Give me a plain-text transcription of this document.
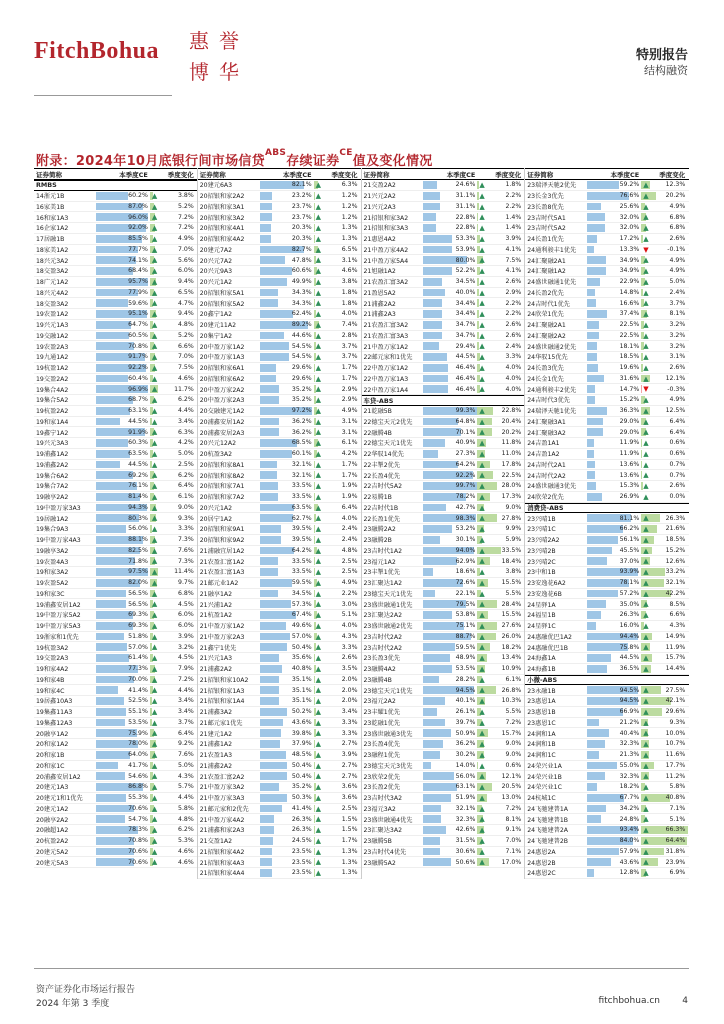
FitchBohua 惠 誉
博 华
特别报告
结构融资
附录：2024年10月底银行间市场信贷$^{ABS}$存续证券$^{CE}$值及变化情况
证券简称	本季度CE	季度变化
RMBS
14浙元1B	60.2% ▲	3.8%
16家美1B	87.0% ▲	5.2%
16和家1A3	96.0% ▲	7.2%
16企家1A2	92.0% ▲	7.2%
17居融1B	85.5% ▲	4.9%
18家美1A2	77.7% ▲	7.0%
18兴元3A2	74.1% ▲	5.6%
18交盈3A2	68.4% ▲	6.0%
18广元1A2	95.7% ▲	9.4%
18兴元4A2	77.9% ▲	6.5%
18交盈3A2	59.6% ▲	4.7%
19农盈1A2	95.1% ▲	9.4%
19兴元1A3	64.7% ▲	4.8%
19交融1A2	60.5% ▲	5.2%
19农盈2A3	70.8% ▲	6.6%
19九通1A2	91.7% ▲	7.0%
19杭盈1A2	92.2% ▲	7.5%
19交盈2A2	60.4% ▲	4.6%
19集合4A2	96.9% ▲	11.7%
19集合5A2	68.7% ▲	6.2%
19杭盈2A2	63.1% ▲	4.4%
19和家1A4	44.5% ▲	3.4%
19鑫宁1A2	91.9% ▲	6.3%
19兴元3A3	60.3% ▲	4.2%
19浦鑫1A2	63.5% ▲	5.0%
19浦鑫2A2	44.5% ▲	2.5%
19集合6A2	69.2% ▲	6.2%
19集合7A2	76.1% ▲	6.4%
19融享2A2	81.4% ▲	6.1%
19中盈万家3A3	94.3% ▲	9.0%
19居融1A2	80.3% ▲	9.3%
19集合9A3	56.0% ▲	3.3%
19中盈万家4A3	88.1% ▲	7.3%
19融享3A2	82.5% ▲	7.6%
19农盈4A3	71.8% ▲	7.3%
19和家3A2	97.5% ▲	11.4%
19农盈5A2	82.0% ▲	9.7%
19和家3C	56.5% ▲	6.8%
19浦鑫安居1A2	56.5% ▲	4.5%
19中盈万家5A2	69.3% ▲	6.0%
19中盈万家5A3	69.3% ▲	6.0%
19浙家和1优先	51.8% ▲	3.9%
19杭盈3A2	57.0% ▲	3.2%
19交盈2A3	61.4% ▲	4.5%
19和家4A2	77.3% ▲	7.9%
19和家4B	70.0% ▲	7.2%
19和家4C	41.4% ▲	4.4%
19居鑫10A3	52.5% ▲	3.4%
19集鑫11A3	55.1% ▲	3.4%
19集鑫12A3	53.5% ▲	3.7%
20融享1A2	75.9% ▲	6.4%
20和家1A2	78.0% ▲	9.2%
20和家1B	64.0% ▲	7.6%
20和家1C	41.7% ▲	5.0%
20浦鑫安居1A2	54.6% ▲	4.3%
20建元1A3	86.8% ▲	5.7%
20建元1和1优先	55.3% ▲	4.4%
20建元1A2	70.6% ▲	5.8%
20融享2A2	54.7% ▲	4.8%
20融超1A2	78.3% ▲	6.2%
20杭盈2A2	70.8% ▲	5.3%
20建元5A2	70.6% ▲	4.6%
20建元5A3	70.6% ▲	4.6%
证券简称	本季度CE	季度变化
20建元6A3	82.1% ▲	6.3%
20招银和家2A2	23.2% ▲	1.2%
20招银和家3A1	23.7% ▲	1.2%
20招银和家3A2	23.7% ▲	1.2%
20招银和家4A1	20.3% ▲	1.3%
20招银和家4A2	20.3% ▲	1.3%
20建元7A2	82.7% ▲	6.5%
20兴元7A2	47.8% ▲	3.1%
20兴元9A3	60.6% ▲	4.6%
20兴元1A2	49.9% ▲	3.8%
20招银和家5A1	34.3% ▲	1.8%
20招银和家5A2	34.3% ▲	1.8%
20鑫宁1A2	62.4% ▲	4.0%
20建元11A2	89.2% ▲	7.4%
20集宁1A2	44.6% ▲	2.8%
20中盈万家1A2	54.5% ▲	3.7%
20中盈万家1A3	54.5% ▲	3.7%
20招银和家6A1	29.6% ▲	1.7%
20招银和家6A2	29.6% ▲	1.7%
20中盈万家2A2	35.2% ▲	2.9%
20中盈万家2A3	35.2% ▲	2.9%
20交融建元1A2	97.2% ▲	4.9%
20浦鑫安居1A2	36.2% ▲	3.1%
20浦鑫安居2A3	36.2% ▲	3.1%
20兴元12A2	68.5% ▲	6.1%
20杭盈3A2	60.1% ▲	4.2%
20招银和家8A1	32.1% ▲	1.7%
20招银和家8A2	32.1% ▲	1.7%
20招银和家7A1	33.5% ▲	1.9%
20招银和家7A2	33.5% ▲	1.9%
20兴元1A2	63.5% ▲	6.4%
20居宁1A2	62.7% ▲	4.0%
20招银和家9A1	39.5% ▲	2.4%
20招银和家9A2	39.5% ▲	2.4%
21浦融宜居1A2	64.2% ▲	4.8%
21农盈汇富1A2	33.5% ▲	2.5%
21农盈汇富1A3	33.5% ▲	2.5%
21邮元业1A2	59.5% ▲	4.9%
21融享1A2	34.5% ▲	2.2%
21兴浦1A2	57.3% ▲	3.0%
21杭盈1A2	67.4% ▲	5.1%
21中盈万家1A2	49.6% ▲	4.0%
21中盈万家2A3	57.0% ▲	4.3%
21鑫宁1优先	50.4% ▲	3.3%
21兴元1A3	35.6% ▲	2.6%
21浦鑫2A2	40.8% ▲	3.5%
21招银和家10A2	35.1% ▲	2.0%
21招银和家1A3	35.1% ▲	2.0%
21招银和家1A4	35.1% ▲	2.0%
21浦鑫3A2	50.2% ▲	3.4%
21邮元家1优先	43.6% ▲	3.3%
21建元1A2	39.8% ▲	3.3%
21浦鑫1A2	37.9% ▲	2.7%
21农盈1A3	48.5% ▲	3.9%
21浦鑫2A2	50.4% ▲	2.7%
21农盈汇富2A2	50.4% ▲	2.7%
21中盈万家3A2	35.2% ▲	3.6%
21中盈万家3A3	50.3% ▲	3.6%
21邮元家和2优先	41.4% ▲	2.5%
21中盈万家4A2	26.3% ▲	1.5%
21浦鑫和家2A3	26.3% ▲	1.5%
21交盈1A2	24.5% ▲	1.7%
21招银和家4A2	23.5% ▲	1.3%
21招银和家4A3	23.5% ▲	1.3%
21招银和家4A4	23.5% ▲	1.3%
证券简称	本季度CE	季度变化
21交盈2A2	24.6% ▲	1.8%
21兴元2A2	31.1% ▲	2.2%
21兴元2A3	31.1% ▲	2.2%
21招银和家3A2	22.8% ▲	1.4%
21招银和家3A3	22.8% ▲	1.4%
21惠恩4A2	53.3% ▲	3.9%
21中盈万家4A2	53.9% ▲	4.1%
21中盈万家5A4	80.0% ▲	7.5%
21旭融1A2	52.2% ▲	4.1%
21农盈汇富3A2	34.5% ▲	2.6%
21盈恩5A2	40.0% ▲	2.9%
21浦鑫2A2	34.4% ▲	2.2%
21浦鑫2A3	34.4% ▲	2.2%
21农盈汇富3A2	34.7% ▲	2.6%
21农盈汇富3A3	34.7% ▲	2.6%
21中盈万家1A2	29.4% ▲	2.4%
22邮元家和1优先	44.5% ▲	3.3%
22中盈万家1A2	46.4% ▲	4.0%
22中盈万家1A3	46.4% ▲	4.0%
22中盈万家1A4	46.4% ▲	4.0%
车贷-ABS
21乾融5B	99.3% ▲	22.8%
22德宝天元2优先	64.8% ▲	20.4%
22融腾4B	70.1% ▲	20.2%
22德宝天元1优先	40.9% ▲	11.8%
22华驭14优先	27.3% ▲	11.0%
22丰掣2优先	64.2% ▲	17.8%
22长盈4优先	92.2% ▲	22.5%
22吉时代5A2	99.7% ▲	28.0%
22易腾1B	78.2% ▲	17.3%
22吉时代1B	42.7% ▲	9.0%
22长盈1优先	98.3% ▲	27.8%
23融腾2A2	53.2% ▲	9.9%
23融腾2B	30.1% ▲	5.9%
23吉时代1A2	94.0% ▲	33.5%
23福元1A2	62.9% ▲	18.4%
23丰掣1优先	18.6% ▲	3.8%
23汇聚达1A2	72.6% ▲	15.5%
23德宝天元1优先	22.1% ▲	5.5%
23盛世融通1优先	79.5% ▲	28.4%
23汇聚达2A2	53.8% ▲	15.5%
23盛世融通2优先	75.1% ▲	27.6%
23吉时代2A2	88.7% ▲	26.0%
23吉时代2A2	59.5% ▲	18.2%
23长盈3优先	48.9% ▲	13.4%
23融腾4A2	53.5% ▲	10.9%
23融腾4B	28.2% ▲	6.1%
23德宝天元1优先	94.5% ▲	26.8%
23福元2A2	40.1% ▲	10.3%
23丰耀1优先	26.1% ▲	5.5%
23乾融1优先	39.7% ▲	7.2%
23盛世融通3优先	50.9% ▲	15.7%
23长盈4优先	36.2% ▲	9.0%
23融程1优先	30.2% ▲	9.0%
23德宝天元3优先	14.0% ▲	0.6%
23欣荣2优先	56.0% ▲	12.1%
23长盈2优先	63.1% ▲	20.5%
23吉时代3A2	51.9% ▲	13.0%
23福元3A2	32.1% ▲	7.2%
23盛世融通4优先	32.3% ▲	8.1%
23汇聚达3A2	42.6% ▲	9.1%
23融腾5B	31.5% ▲	7.0%
23吉时代4优先	30.6% ▲	7.1%
23融腾5A2	50.6% ▲	17.0%
证券简称	本季度CE	季度变化
23瑞泽天驰2优先	59.2% ▲	12.3%
23长金3优先	76.6% ▲	20.2%
23长盈8优先	25.6% ▲	4.9%
23吉时代5A1	32.0% ▲	6.8%
23吉时代5A2	32.0% ▲	6.8%
24长盈1优先	17.2% ▲	2.6%
24通利骏丰1优先	13.3% ▼	-0.1%
24汇聚融2A1	34.9% ▲	4.9%
24汇聚融1A2	34.9% ▲	4.9%
24盛世融通1优先	22.9% ▲	5.0%
24长盈2优先	14.8% ▲	2.4%
24吉时代1优先	16.6% ▲	3.7%
24欣荣1优先	37.4% ▲	8.1%
24汇聚融2A1	22.5% ▲	3.2%
24汇聚融2A2	22.5% ▲	3.2%
24盛世融通2优先	18.1% ▲	3.2%
24华驭15优先	18.5% ▲	3.1%
24长盈3优先	19.6% ▲	2.6%
24长金1优先	31.6% ▲	12.1%
24通利骏丰2优先	14.7% ▼	-0.3%
24吉时代3优先	15.2% ▲	4.9%
24瑞泽天驰1优先	36.3% ▲	12.5%
24汇聚融3A1	29.0% ▲	6.4%
24汇聚融3A2	29.0% ▲	6.4%
24吉盈1A1	11.9% ▲	0.6%
24吉盈1A2	11.9% ▲	0.6%
24吉时代2A1	13.6% ▲	0.7%
24吉时代2A2	13.6% ▲	0.7%
24盛世融通3优先	15.3% ▲	2.6%
24欣荣2优先	26.9% ▲	0.0%
消费贷-ABS
23兴晴1B	81.1% ▲	26.3%
23兴晴1C	66.2% ▲	21.6%
23兴晴2A2	56.1% ▲	18.5%
23兴晴2B	45.5% ▲	15.2%
23兴晴2C	37.0% ▲	12.6%
23中和1B	93.9% ▲	33.2%
23安逸花6A2	78.1% ▲	32.1%
23安逸花6B	57.2% ▲	42.2%
24星驿1A	35.0% ▲	8.5%
24福星1B	26.3% ▲	6.6%
24星驿1C	16.0% ▲	4.3%
24惠融优巴1A2	94.4% ▲	14.9%
24惠融优巴1B	75.8% ▲	11.9%
24海鑫1A	44.5% ▲	15.7%
24海鑫1B	36.5% ▲	14.4%
小微-ABS
23永融1B	94.5% ▲	27.5%
23惠恩1A	94.5% ▲	42.1%
23惠恩1B	66.9% ▲	29.6%
23惠恩1C	21.2% ▲	9.3%
24润和1A	40.4% ▲	10.0%
24润和1B	32.3% ▲	10.7%
24润和1C	21.3% ▲	11.6%
24荣兴业1A	55.0% ▲	17.7%
24荣兴业1B	32.3% ▲	11.2%
24荣兴业1C	18.2% ▲	5.8%
24杭城1C	67.7% ▲	40.8%
24飞驰建普1A	34.2% ▲	7.1%
24飞驰建普1B	24.8% ▲	5.1%
24飞驰建普2A	93.4% ▲	66.3%
24飞驰建普2B	84.0% ▲	64.4%
24惠恩2A	57.9% ▲	31.8%
24惠恩2B	43.6% ▲	23.9%
24惠恩2C	12.8% ▲	6.9%
资产证券化市场运行报告
2024 年第 3 季度	fitchbohua.cn 4
